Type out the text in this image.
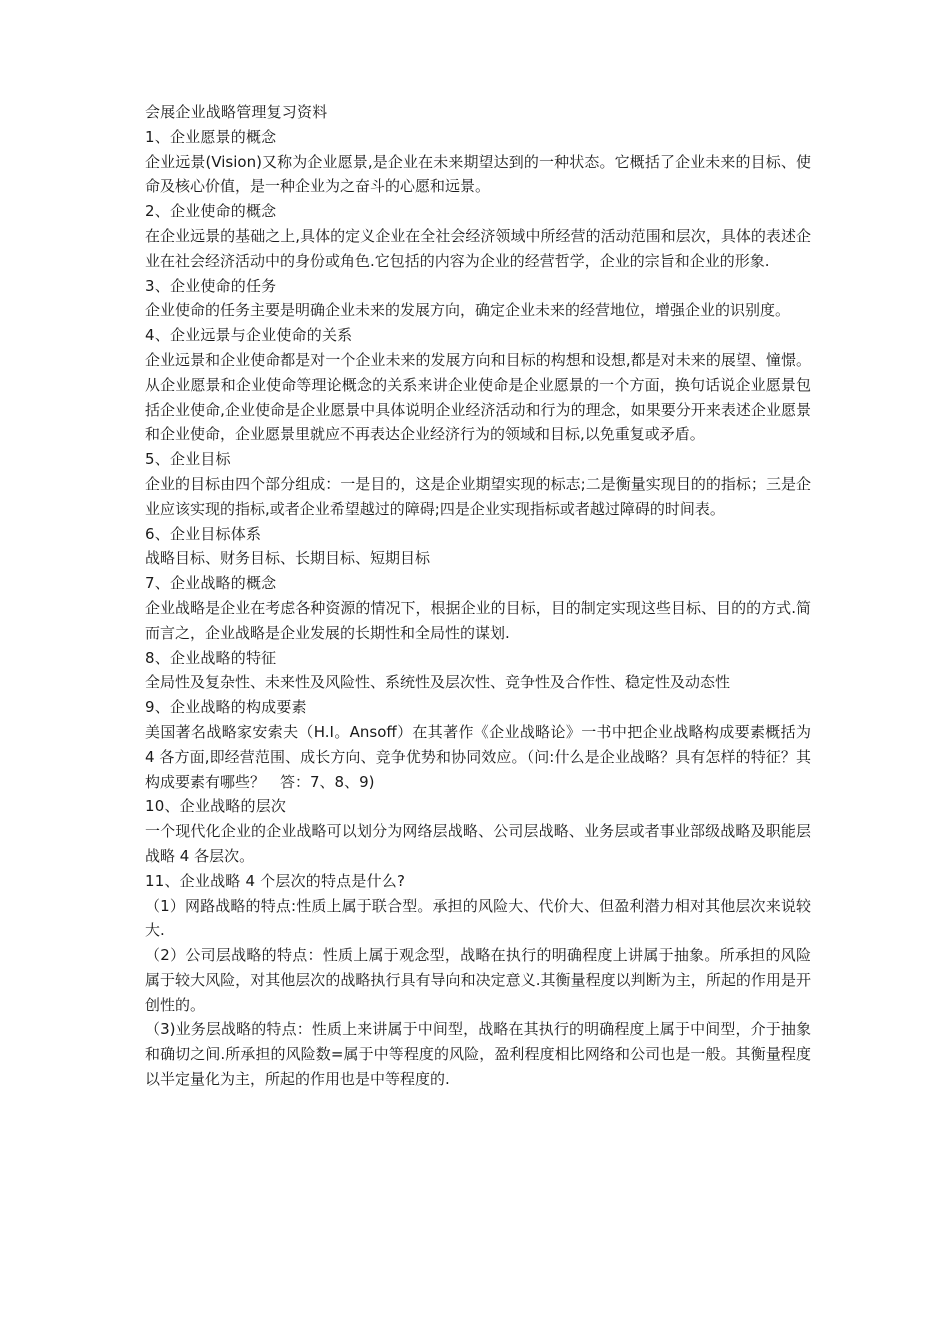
会展企业战略管理复习资料

1、企业愿景的概念

企业远景(Vision)又称为企业愿景,是企业在未来期望达到的一种状态。它概括了企业未来的目标、使命及核心价值，是一种企业为之奋斗的心愿和远景。

2、企业使命的概念

在企业远景的基础之上,具体的定义企业在全社会经济领域中所经营的活动范围和层次，具体的表述企业在社会经济活动中的身份或角色.它包括的内容为企业的经营哲学，企业的宗旨和企业的形象.

3、企业使命的任务

企业使命的任务主要是明确企业未来的发展方向，确定企业未来的经营地位，增强企业的识别度。

4、企业远景与企业使命的关系

企业远景和企业使命都是对一个企业未来的发展方向和目标的构想和设想,都是对未来的展望、憧憬。从企业愿景和企业使命等理论概念的关系来讲企业使命是企业愿景的一个方面，换句话说企业愿景包括企业使命,企业使命是企业愿景中具体说明企业经济活动和行为的理念，如果要分开来表述企业愿景和企业使命，企业愿景里就应不再表达企业经济行为的领域和目标,以免重复或矛盾。

5、企业目标

企业的目标由四个部分组成：一是目的，这是企业期望实现的标志;二是衡量实现目的的指标；三是企业应该实现的指标,或者企业希望越过的障碍;四是企业实现指标或者越过障碍的时间表。

6、企业目标体系

战略目标、财务目标、长期目标、短期目标

7、企业战略的概念

企业战略是企业在考虑各种资源的情况下，根据企业的目标，目的制定实现这些目标、目的的方式.简而言之，企业战略是企业发展的长期性和全局性的谋划.

8、企业战略的特征

全局性及复杂性、未来性及风险性、系统性及层次性、竞争性及合作性、稳定性及动态性

9、企业战略的构成要素

美国著名战略家安索夫（H.I。Ansoff）在其著作《企业战略论》一书中把企业战略构成要素概括为 4 各方面,即经营范围、成长方向、竞争优势和协同效应。（问:什么是企业战略？具有怎样的特征？其构成要素有哪些？　答：7、8、9)

10、企业战略的层次

一个现代化企业的企业战略可以划分为网络层战略、公司层战略、业务层或者事业部级战略及职能层战略 4 各层次。

11、企业战略 4 个层次的特点是什么?

（1）网路战略的特点:性质上属于联合型。承担的风险大、代价大、但盈利潜力相对其他层次来说较大.

（2）公司层战略的特点：性质上属于观念型，战略在执行的明确程度上讲属于抽象。所承担的风险属于较大风险，对其他层次的战略执行具有导向和决定意义.其衡量程度以判断为主，所起的作用是开创性的。

（3)业务层战略的特点：性质上来讲属于中间型，战略在其执行的明确程度上属于中间型，介于抽象和确切之间.所承担的风险数=属于中等程度的风险，盈利程度相比网络和公司也是一般。其衡量程度以半定量化为主，所起的作用也是中等程度的.
